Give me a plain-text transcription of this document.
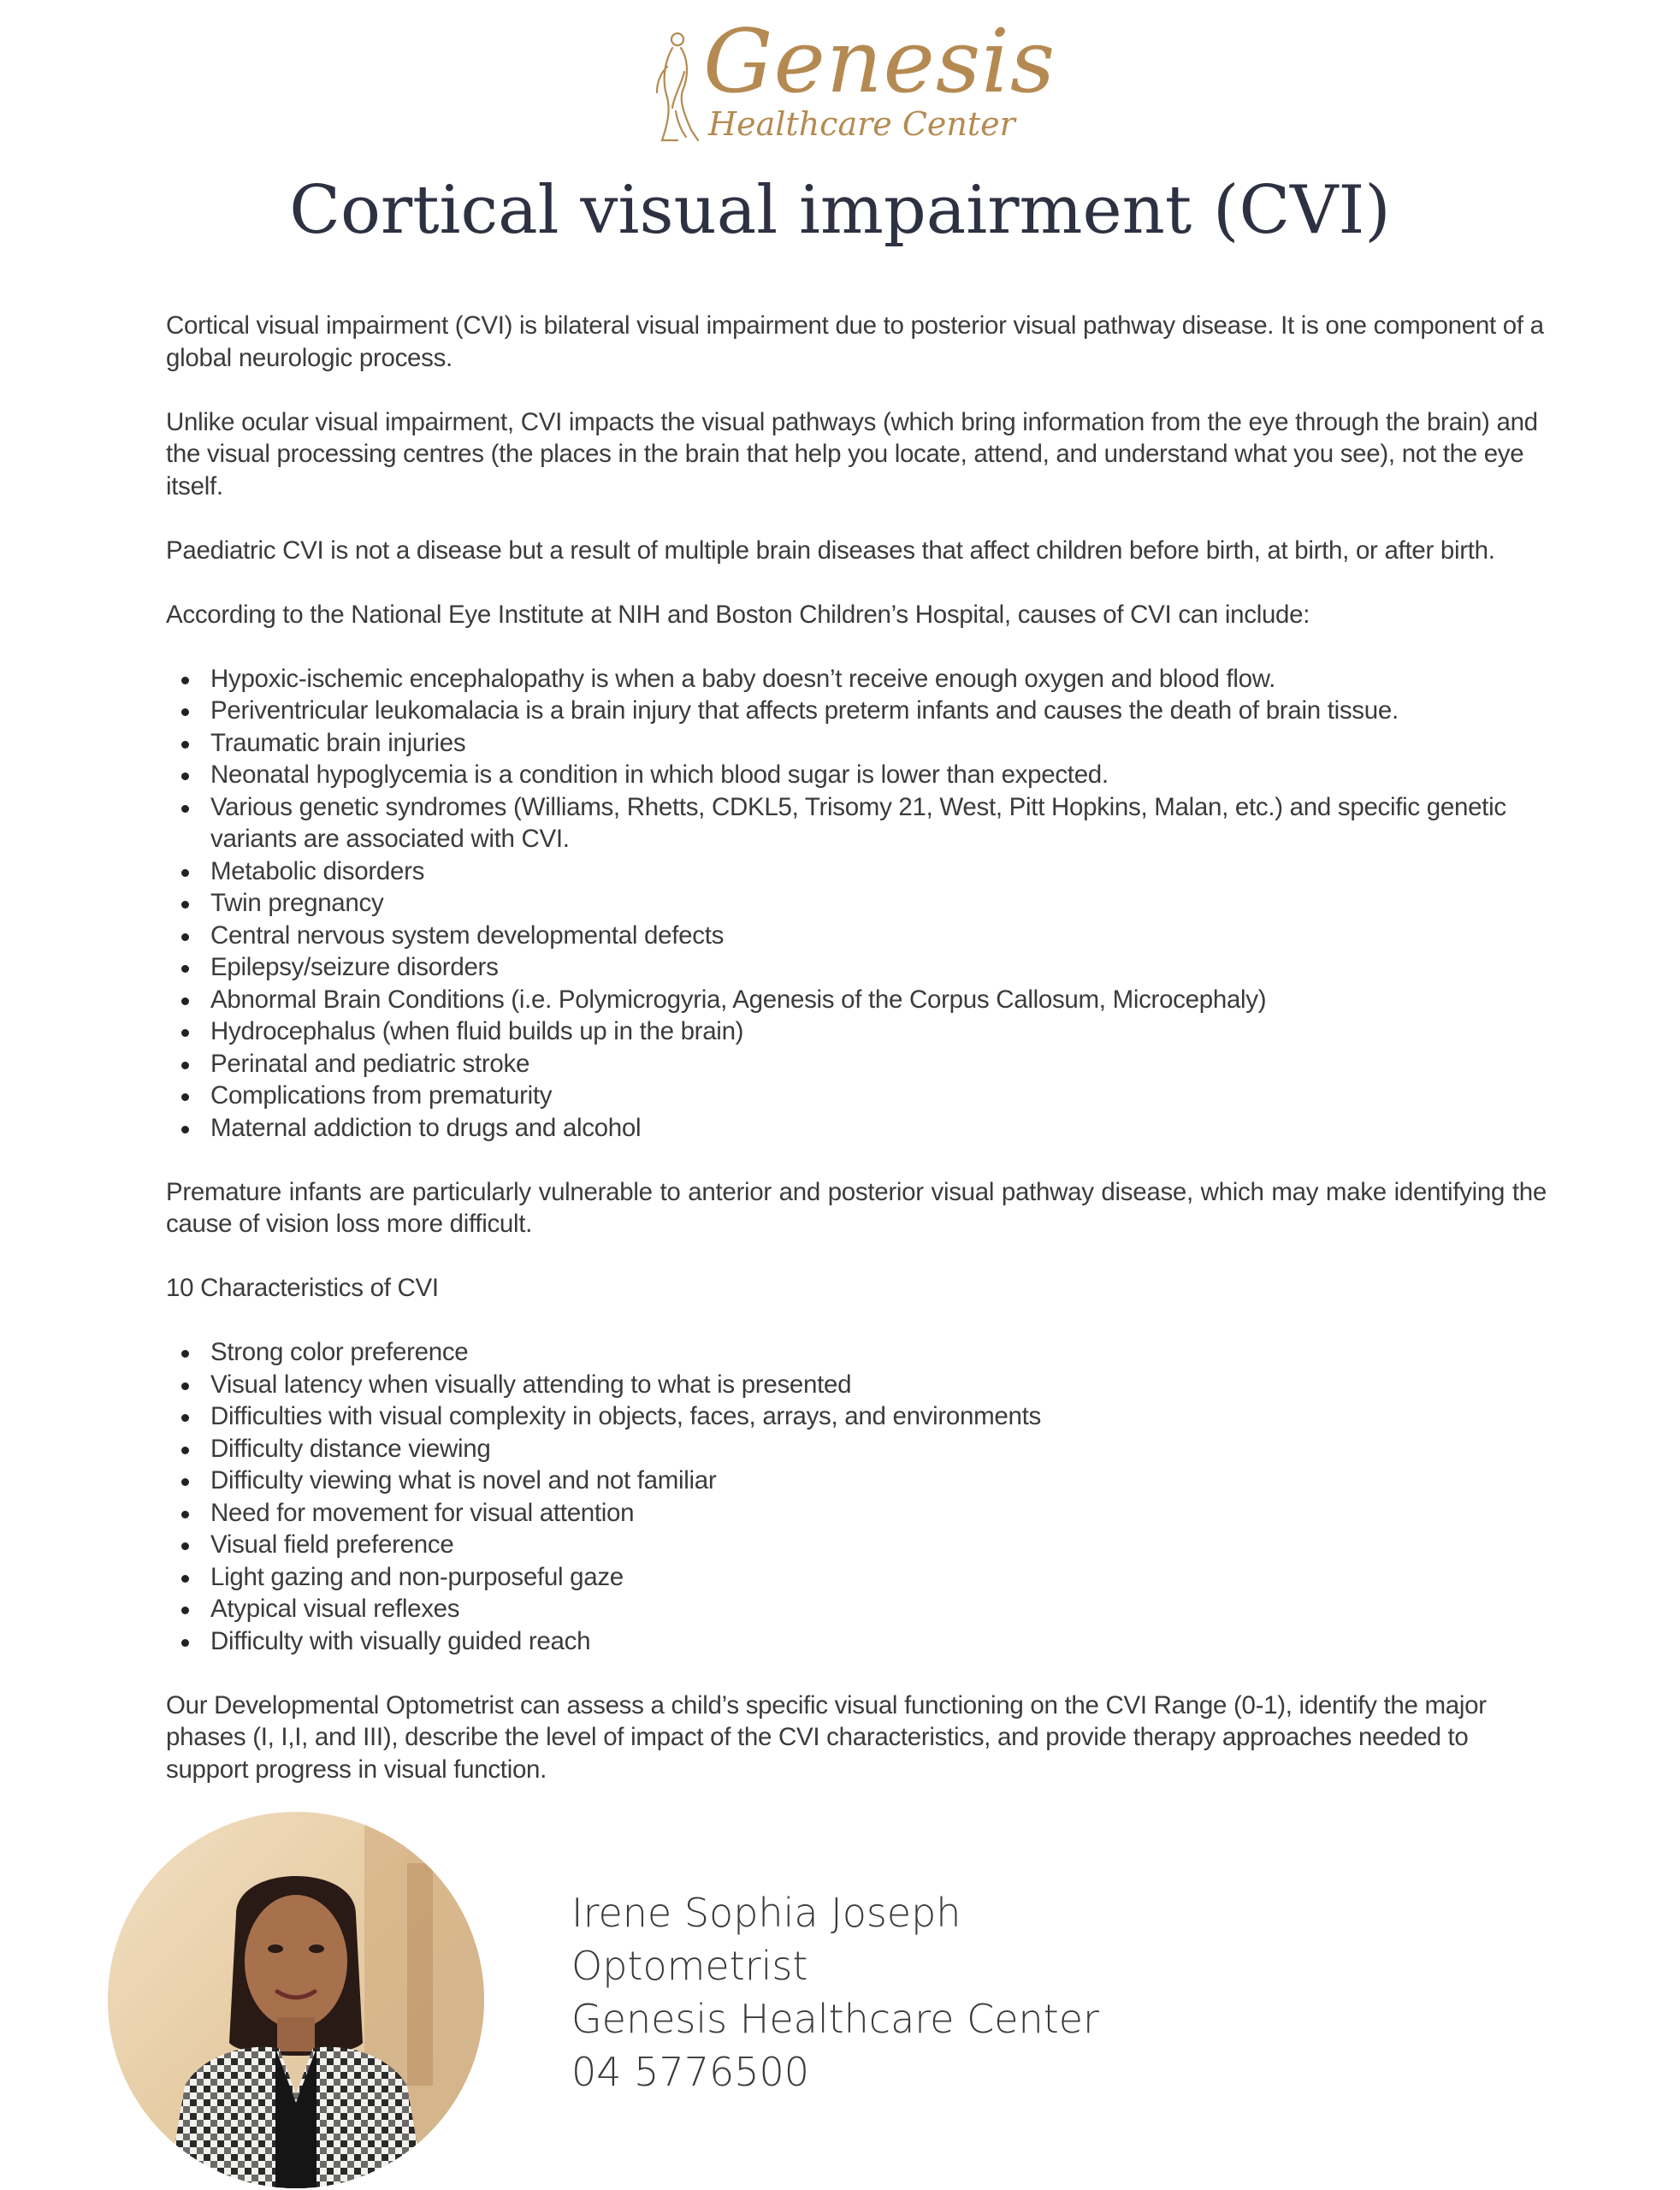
Genesis
Healthcare Center
Cortical visual impairment (CVI)

Cortical visual impairment (CVI) is bilateral visual impairment due to posterior visual pathway disease. It is one component of a global neurologic process.

Unlike ocular visual impairment, CVI impacts the visual pathways (which bring information from the eye through the brain) and the visual processing centres (the places in the brain that help you locate, attend, and understand what you see), not the eye itself.

Paediatric CVI is not a disease but a result of multiple brain diseases that affect children before birth, at birth, or after birth.

According to the National Eye Institute at NIH and Boston Children’s Hospital, causes of CVI can include:

Hypoxic-ischemic encephalopathy is when a baby doesn’t receive enough oxygen and blood flow.
Periventricular leukomalacia is a brain injury that affects preterm infants and causes the death of brain tissue.
Traumatic brain injuries
Neonatal hypoglycemia is a condition in which blood sugar is lower than expected.
Various genetic syndromes (Williams, Rhetts, CDKL5, Trisomy 21, West, Pitt Hopkins, Malan, etc.) and specific genetic variants are associated with CVI.
Metabolic disorders
Twin pregnancy
Central nervous system developmental defects
Epilepsy/seizure disorders
Abnormal Brain Conditions (i.e. Polymicrogyria, Agenesis of the Corpus Callosum, Microcephaly)
Hydrocephalus (when fluid builds up in the brain)
Perinatal and pediatric stroke
Complications from prematurity
Maternal addiction to drugs and alcohol

Premature infants are particularly vulnerable to anterior and posterior visual pathway disease, which may make identifying the cause of vision loss more difficult.

10 Characteristics of CVI

Strong color preference
Visual latency when visually attending to what is presented
Difficulties with visual complexity in objects, faces, arrays, and environments
Difficulty distance viewing
Difficulty viewing what is novel and not familiar
Need for movement for visual attention
Visual field preference
Light gazing and non-purposeful gaze
Atypical visual reflexes
Difficulty with visually guided reach

Our Developmental Optometrist can assess a child’s specific visual functioning on the CVI Range (0-1), identify the major phases (I, I,I, and III), describe the level of impact of the CVI characteristics, and provide therapy approaches needed to support progress in visual function.

Irene Sophia Joseph
Optometrist
Genesis Healthcare Center
04 5776500
